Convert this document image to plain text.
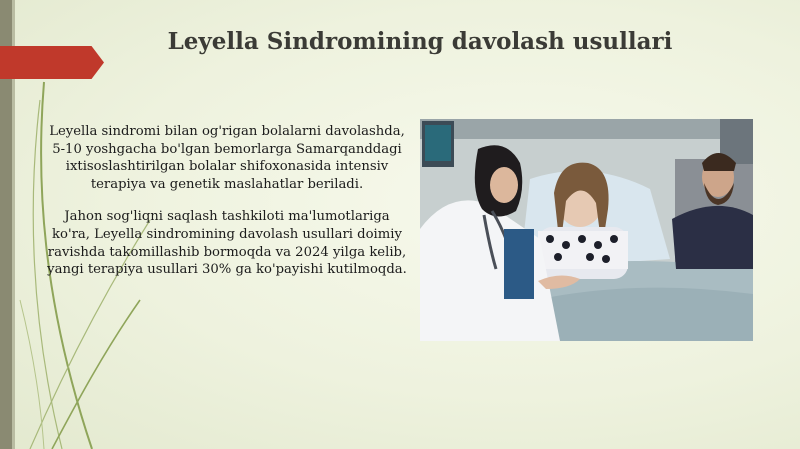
Leyella Sindromining davolash usullari

Leyella sindromi bilan og'rigan bolalarni davolashda, 5-10 yoshgacha bo'lgan bemorlarga Samarqanddagi ixtisoslashtirilgan bolalar shifoxonasida intensiv terapiya va genetik maslahatlar beriladi.

Jahon sog'liqni saqlash tashkiloti ma'lumotlariga ko'ra, Leyella sindromining davolash usullari doimiy ravishda takomillashib bormoqda va 2024 yilga kelib, yangi terapiya usullari 30% ga ko'payishi kutilmoqda.
